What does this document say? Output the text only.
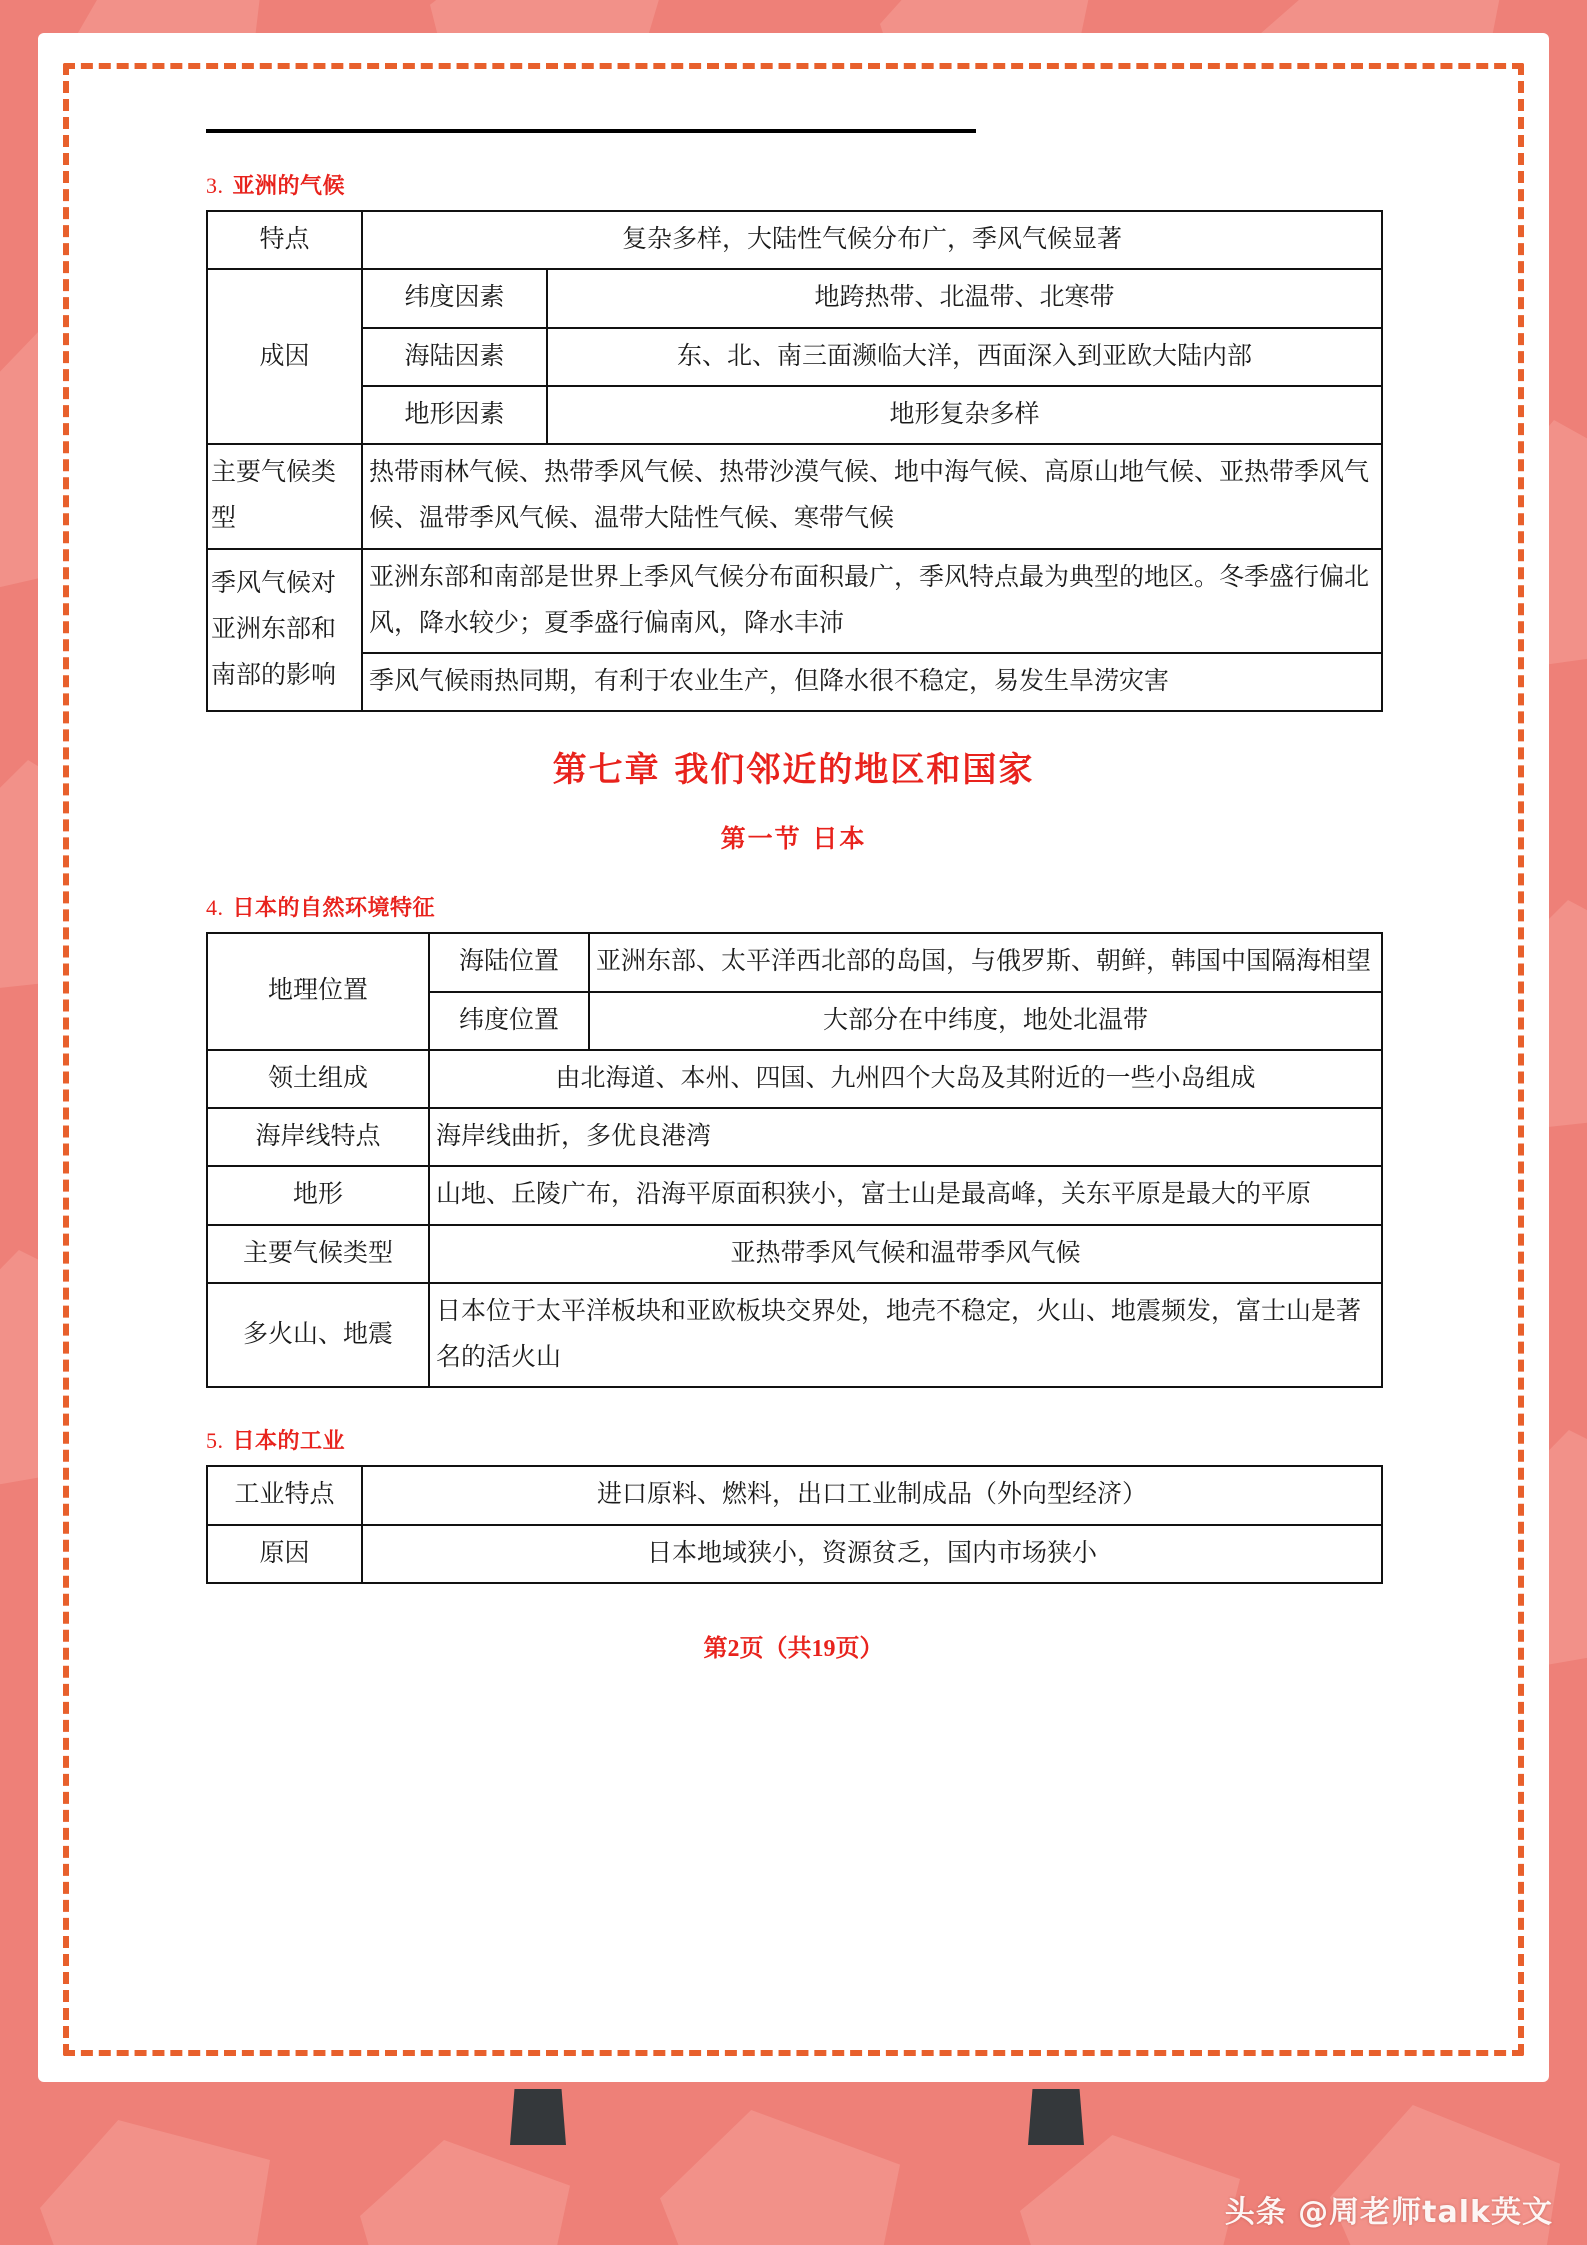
3. 亚洲的气候
特点	复杂多样，大陆性气候分布广，季风气候显著	
成因	纬度因素	地跨热带、北温带、北寒带
	海陆因素	东、北、南三面濒临大洋，西面深入到亚欧大陆内部
	地形因素	地形复杂多样
主要气候类型	热带雨林气候、热带季风气候、热带沙漠气候、地中海气候、高原山地气候、亚热带季风气候、温带季风气候、温带大陆性气候、寒带气候	
季风气候对亚洲东部和南部的影响	亚洲东部和南部是世界上季风气候分布面积最广，季风特点最为典型的地区。冬季盛行偏北风，降水较少；夏季盛行偏南风，降水丰沛	
	季风气候雨热同期，有利于农业生产，但降水很不稳定，易发生旱涝灾害	
第七章 我们邻近的地区和国家
第一节 日本
4. 日本的自然环境特征
地理位置	海陆位置	亚洲东部、太平洋西北部的岛国，与俄罗斯、朝鲜，韩国中国隔海相望
	纬度位置	大部分在中纬度，地处北温带
领土组成	由北海道、本州、四国、九州四个大岛及其附近的一些小岛组成	
海岸线特点	海岸线曲折，多优良港湾	
地形	山地、丘陵广布，沿海平原面积狭小，富士山是最高峰，关东平原是最大的平原	
主要气候类型	亚热带季风气候和温带季风气候	
多火山、地震	日本位于太平洋板块和亚欧板块交界处，地壳不稳定，火山、地震频发，富士山是著名的活火山	
5. 日本的工业
工业特点	进口原料、燃料，出口工业制成品（外向型经济）
原因	日本地域狭小，资源贫乏，国内市场狭小
第2页（共19页）
头条 @周老师talk英文
